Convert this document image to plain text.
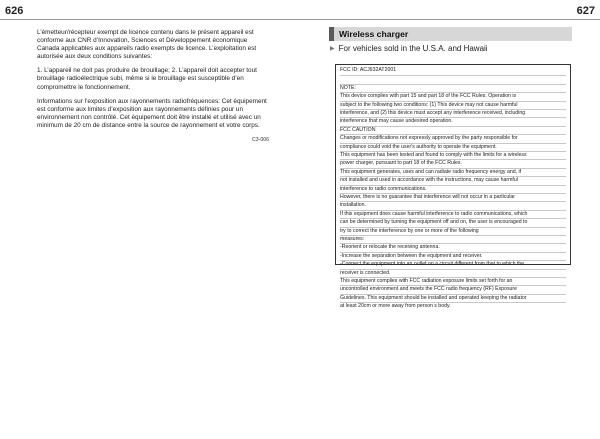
626	627

L’émetteur/récepteur exempt de licence contenu dans le présent appareil est conforme aux CNR d’Innovation, Sciences et Développement économique Canada applicables aux appareils radio exempts de licence. L’exploitation est autorisée aux deux conditions suivantes:

1. L’appareil ne doit pas produire de brouillage; 2. L’appareil doit accepter tout brouillage radioélectrique subi, même si le brouillage est susceptible d’en compromettre le fonctionnement.

Informations sur l’exposition aux rayonnements radiofréquences: Cet équipement est conforme aux limites d’exposition aux rayonnements définies pour un environnement non contrôlé. Cet équipement doit être installé et utilisé avec un minimum de 20 cm de distance entre la source de rayonnement et votre corps.

C3-006
Wireless charger
▶ For vehicles sold in the U.S.A. and Hawaii
FCC ID: ACJ932AT2001
NOTE:
This device complies with part 15 and part 18 of the FCC Rules. Operation is
subject to the following two conditions: (1) This device may not cause harmful
interference, and (2) this device must accept any interference received, including
interference that may cause undesired operation.
FCC CAUTION
Changes or modifications not expressly approved by the party responsible for
compliance could void the user's authority to operate the equipment.
This equipment has been tested and found to comply with the limits for a wireless
power charger, pursuant to part 18 of the FCC Rules.
This equipment generates, uses and can radiate radio frequency energy and, if
not installed and used in accordance with the instructions, may cause harmful
interference to radio communications.
However, there is no guarantee that interference will not occur in a particular
installation.
If this equipment does cause harmful interference to radio communications, which
can be determined by turning the equipment off and on, the user is encouraged to
try to correct the interference by one or more of the following
measures:
-Reorient or relocate the receiving antenna.
-Increase the separation between the equipment and receiver.
-Connect the equipment into an outlet on a circuit different from that to which the
receiver is connected.
This equipment complies with FCC radiation exposure limits set forth for an
uncontrolled environment and meets the FCC radio frequency (RF) Exposure
Guidelines. This equipment should be installed and operated keeping the radiator
at least 20cm or more away from person s body.
